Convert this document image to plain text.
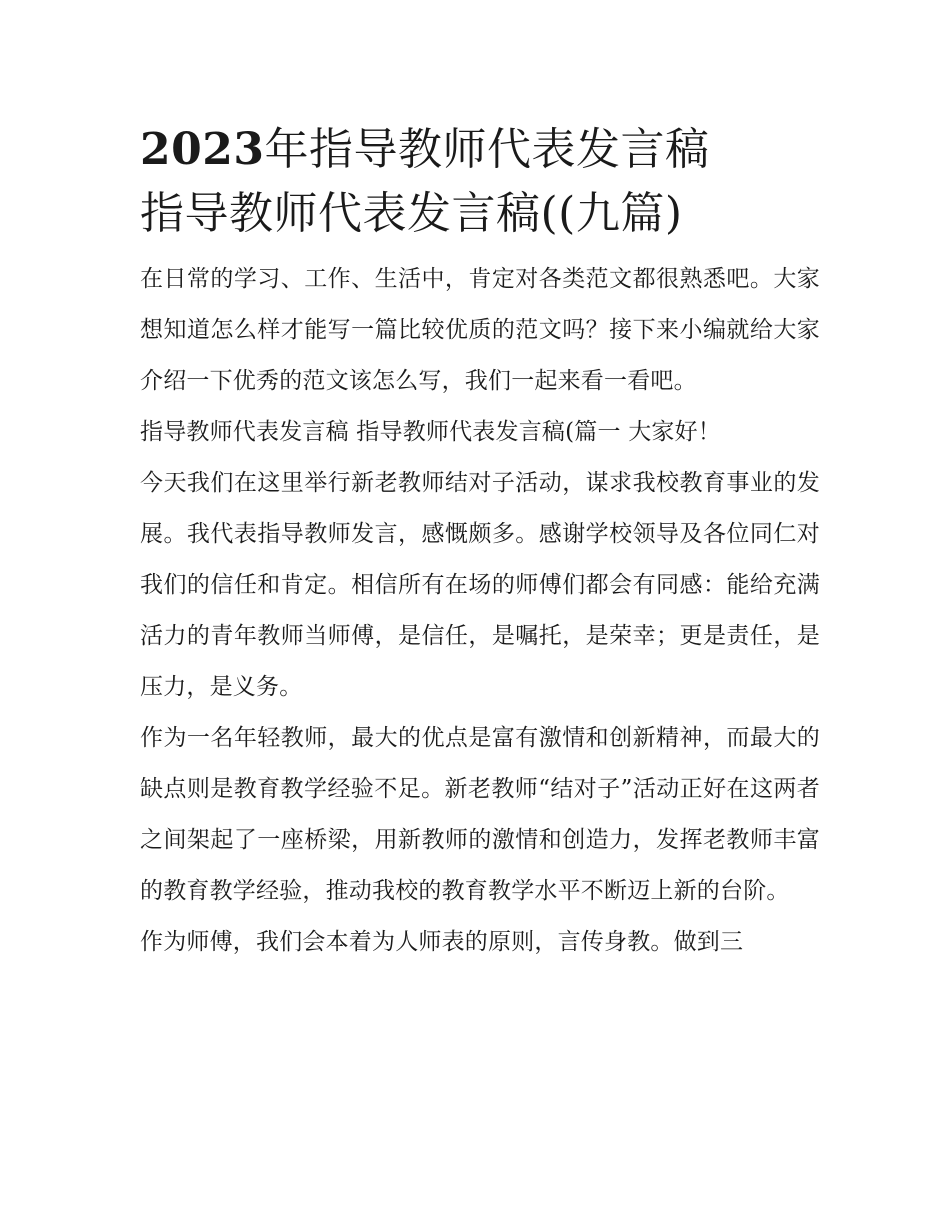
2023年指导教师代表发言稿
指导教师代表发言稿((九篇)

在日常的学习、工作、生活中，肯定对各类范文都很熟悉吧。大家想知道怎么样才能写一篇比较优质的范文吗？接下来小编就给大家介绍一下优秀的范文该怎么写，我们一起来看一看吧。

指导教师代表发言稿 指导教师代表发言稿(篇一 大家好！

今天我们在这里举行新老教师结对子活动，谋求我校教育事业的发展。我代表指导教师发言，感慨颇多。感谢学校领导及各位同仁对我们的信任和肯定。相信所有在场的师傅们都会有同感：能给充满活力的青年教师当师傅，是信任，是嘱托，是荣幸；更是责任，是压力，是义务。

作为一名年轻教师，最大的优点是富有激情和创新精神，而最大的缺点则是教育教学经验不足。新老教师“结对子”活动正好在这两者之间架起了一座桥梁，用新教师的激情和创造力，发挥老教师丰富的教育教学经验，推动我校的教育教学水平不断迈上新的台阶。

作为师傅，我们会本着为人师表的原则，言传身教。做到三
